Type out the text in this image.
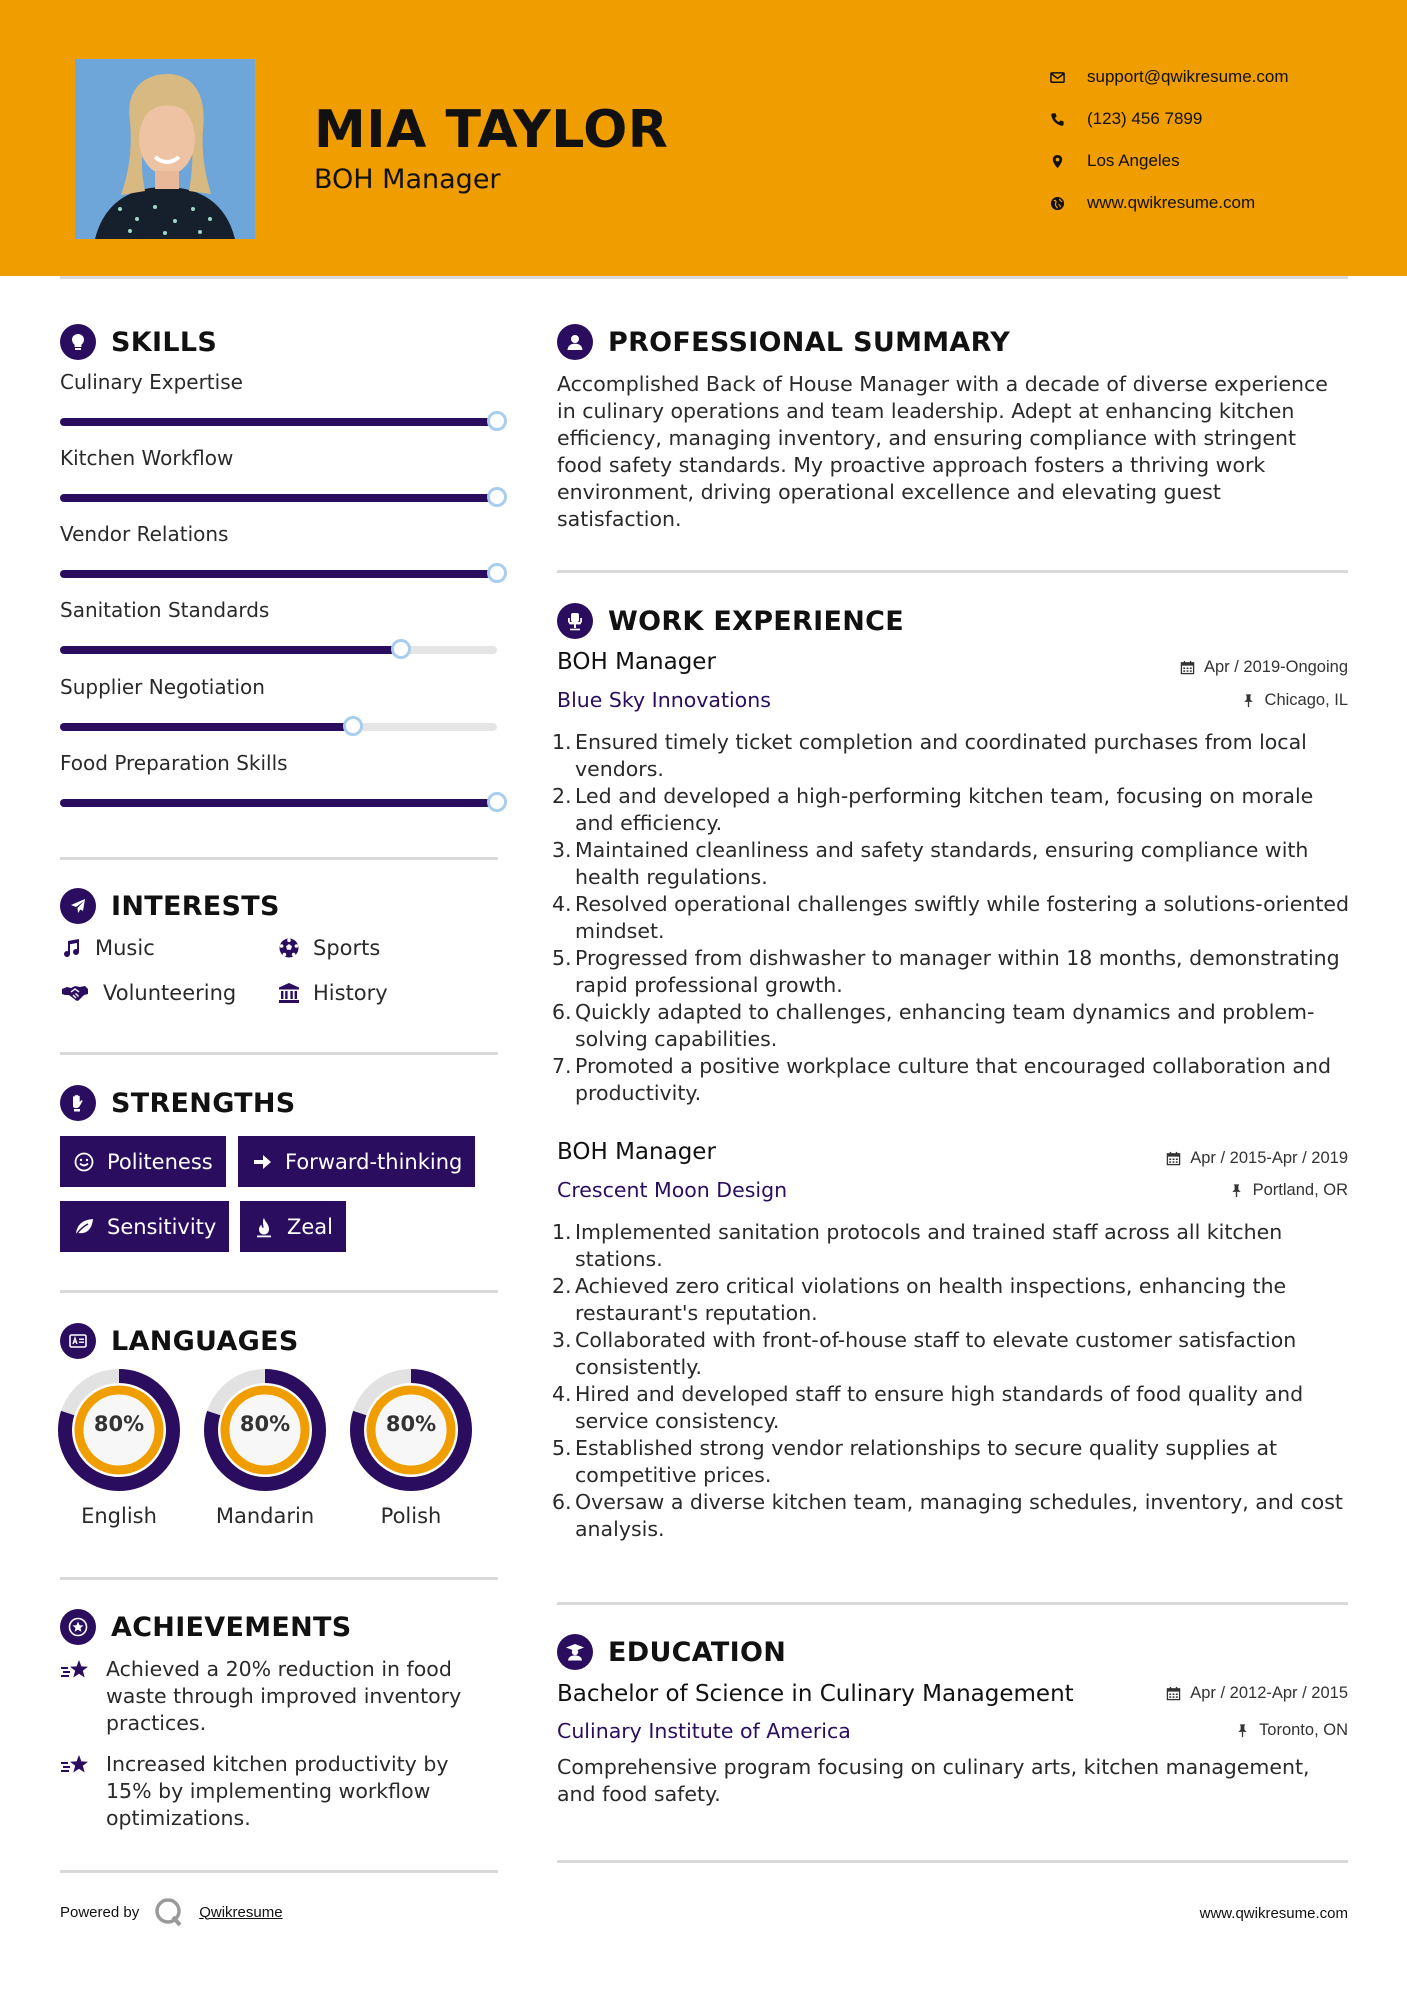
MIA TAYLOR
BOH Manager
support@qwikresume.com
(123) 456 7899
Los Angeles
www.qwikresume.com
SKILLS
Culinary Expertise
Kitchen Workflow
Vendor Relations
Sanitation Standards
Supplier Negotiation
Food Preparation Skills
INTERESTS
Music	Sports
Volunteering	History
STRENGTHS
Politeness	Forward-thinking
Sensitivity	Zeal
LANGUAGES
80%
English
80%
Mandarin
80%
Polish
ACHIEVEMENTS
Achieved a 20% reduction in food waste through improved inventory practices.
Increased kitchen productivity by 15% by implementing workflow optimizations.
PROFESSIONAL SUMMARY
Accomplished Back of House Manager with a decade of diverse experience in culinary operations and team leadership. Adept at enhancing kitchen efficiency, managing inventory, and ensuring compliance with stringent food safety standards. My proactive approach fosters a thriving work environment, driving operational excellence and elevating guest satisfaction.
WORK EXPERIENCE
BOH Manager	Apr / 2019-Ongoing
Blue Sky Innovations	Chicago, IL
1. Ensured timely ticket completion and coordinated purchases from local vendors.
2. Led and developed a high-performing kitchen team, focusing on morale and efficiency.
3. Maintained cleanliness and safety standards, ensuring compliance with health regulations.
4. Resolved operational challenges swiftly while fostering a solutions-oriented mindset.
5. Progressed from dishwasher to manager within 18 months, demonstrating rapid professional growth.
6. Quickly adapted to challenges, enhancing team dynamics and problem-solving capabilities.
7. Promoted a positive workplace culture that encouraged collaboration and productivity.
BOH Manager	Apr / 2015-Apr / 2019
Crescent Moon Design	Portland, OR
1. Implemented sanitation protocols and trained staff across all kitchen stations.
2. Achieved zero critical violations on health inspections, enhancing the restaurant's reputation.
3. Collaborated with front-of-house staff to elevate customer satisfaction consistently.
4. Hired and developed staff to ensure high standards of food quality and service consistency.
5. Established strong vendor relationships to secure quality supplies at competitive prices.
6. Oversaw a diverse kitchen team, managing schedules, inventory, and cost analysis.
EDUCATION
Bachelor of Science in Culinary Management	Apr / 2012-Apr / 2015
Culinary Institute of America	Toronto, ON
Comprehensive program focusing on culinary arts, kitchen management, and food safety.
Powered by	Qwikresume	www.qwikresume.com
